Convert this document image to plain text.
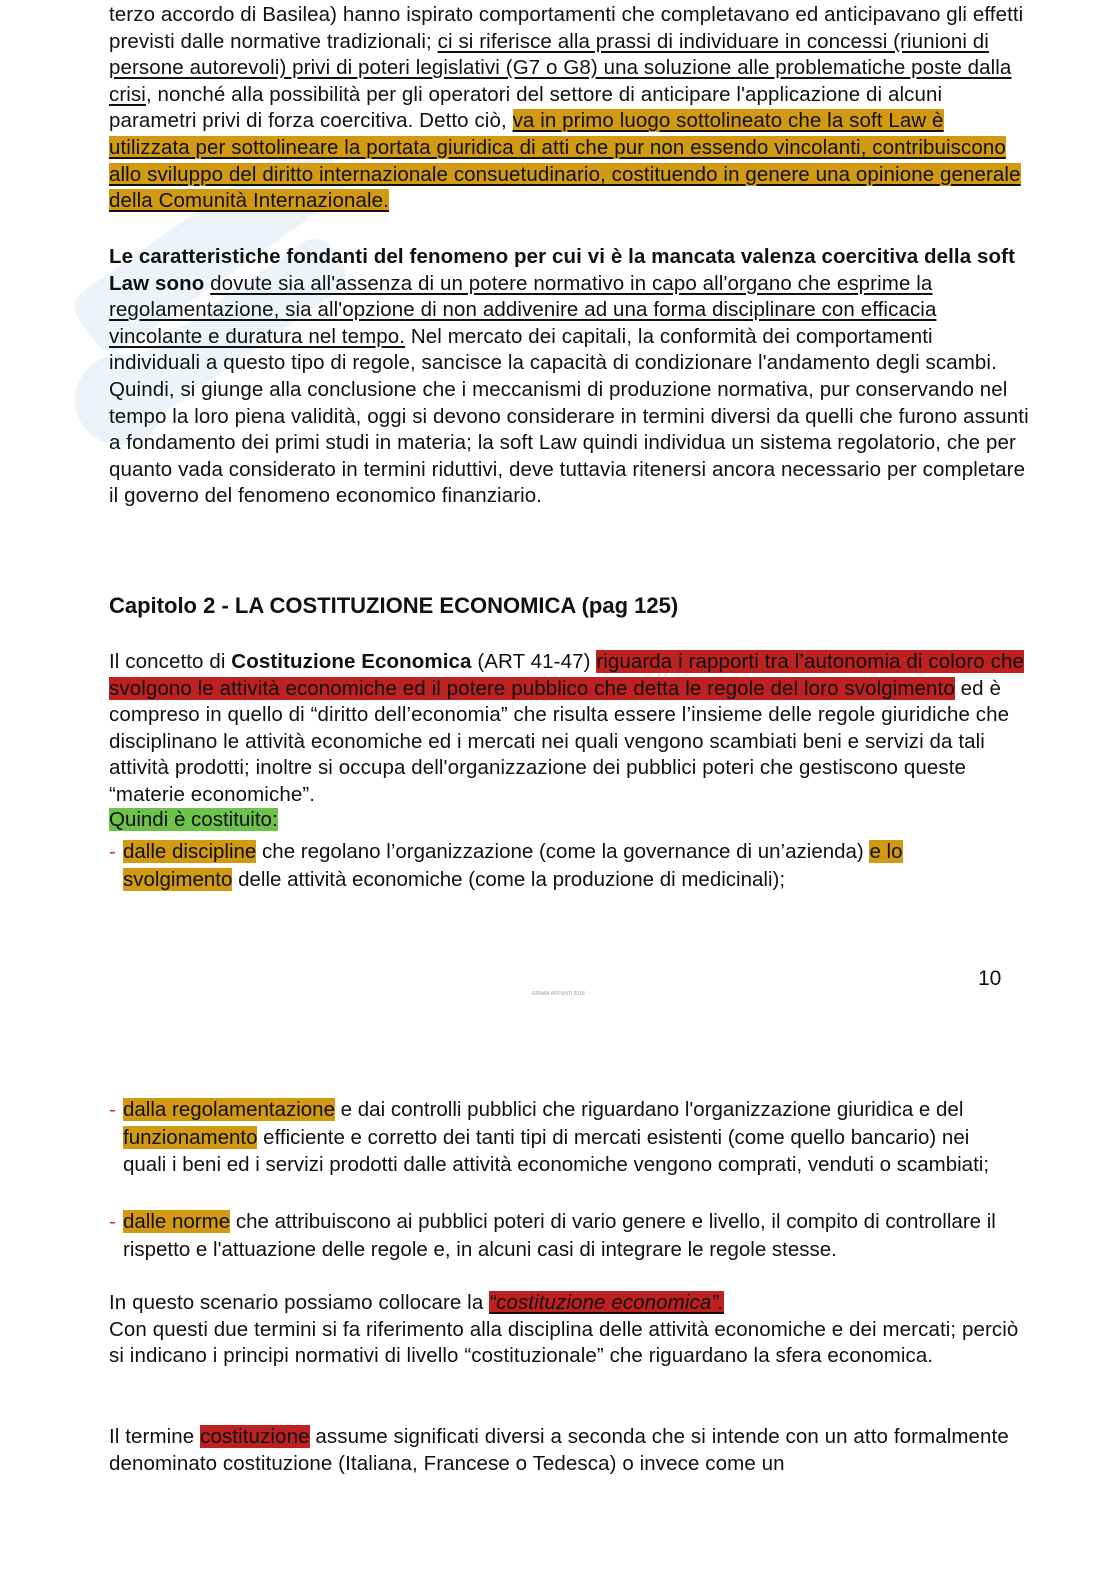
terzo accordo di Basilea) hanno ispirato comportamenti che completavano ed anticipavano gli effetti previsti dalle normative tradizionali; ci si riferisce alla prassi di individuare in concessi (riunioni di persone autorevoli) privi di poteri legislativi (G7 o G8) una soluzione alle problematiche poste dalla crisi, nonché alla possibilità per gli operatori del settore di anticipare l'applicazione di alcuni parametri privi di forza coercitiva. Detto ciò, va in primo luogo sottolineato che la soft Law è utilizzata per sottolineare la portata giuridica di atti che pur non essendo vincolanti, contribuiscono allo sviluppo del diritto internazionale consuetudinario, costituendo in genere una opinione generale della Comunità Internazionale.
Le caratteristiche fondanti del fenomeno per cui vi è la mancata valenza coercitiva della soft Law sono dovute sia all'assenza di un potere normativo in capo all'organo che esprime la regolamentazione, sia all'opzione di non addivenire ad una forma disciplinare con efficacia vincolante e duratura nel tempo. Nel mercato dei capitali, la conformità dei comportamenti individuali a questo tipo di regole, sancisce la capacità di condizionare l'andamento degli scambi. Quindi, si giunge alla conclusione che i meccanismi di produzione normativa, pur conservando nel tempo la loro piena validità, oggi si devono considerare in termini diversi da quelli che furono assunti a fondamento dei primi studi in materia; la soft Law quindi individua un sistema regolatorio, che per quanto vada considerato in termini riduttivi, deve tuttavia ritenersi ancora necessario per completare il governo del fenomeno economico finanziario.
Capitolo 2 - LA COSTITUZIONE ECONOMICA (pag 125)
Il concetto di Costituzione Economica (ART 41-47) riguarda i rapporti tra l’autonomia di coloro che svolgono le attività economiche ed il potere pubblico che detta le regole del loro svolgimento ed è compreso in quello di “diritto dell’economia” che risulta essere l’insieme delle regole giuridiche che disciplinano le attività economiche ed i mercati nei quali vengono scambiati beni e servizi da tali attività prodotti; inoltre si occupa dell'organizzazione dei pubblici poteri che gestiscono queste “materie economiche”.
Quindi è costituito:
- dalle discipline che regolano l’organizzazione (come la governance di un’azienda) e lo svolgimento delle attività economiche (come la produzione di medicinali);
10
ERNAN APPUNTI 2018
- dalla regolamentazione e dai controlli pubblici che riguardano l'organizzazione giuridica e del funzionamento efficiente e corretto dei tanti tipi di mercati esistenti (come quello bancario) nei quali i beni ed i servizi prodotti dalle attività economiche vengono comprati, venduti o scambiati;
- dalle norme che attribuiscono ai pubblici poteri di vario genere e livello, il compito di controllare il rispetto e l'attuazione delle regole e, in alcuni casi di integrare le regole stesse.
In questo scenario possiamo collocare la “costituzione economica”.
Con questi due termini si fa riferimento alla disciplina delle attività economiche e dei mercati; perciò si indicano i principi normativi di livello “costituzionale” che riguardano la sfera economica.
Il termine costituzione assume significati diversi a seconda che si intende con un atto formalmente denominato costituzione (Italiana, Francese o Tedesca) o invece come un
